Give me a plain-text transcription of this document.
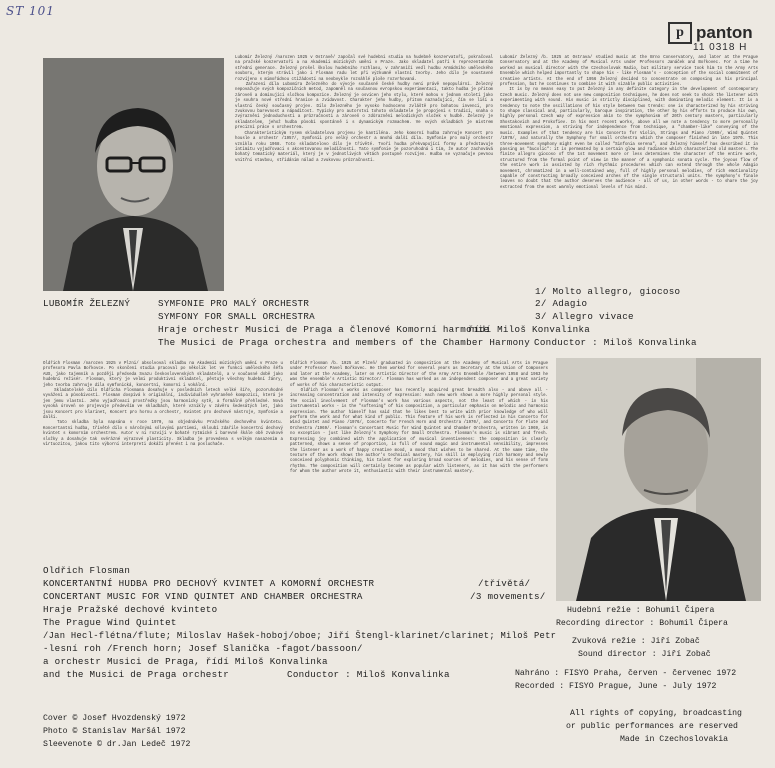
ST 101
p panton
11 0318 H
Lubomír Železný /narozen 1925 v Ostravě/ započal své hudební studia na hudebně konzervatoři, pokračoval na pražské konzervatoři a na Akademii múzických umění v Praze. Jako skladatel patří k reprezentantům střední generace. Železný prošel školou hudebního rozhlasu, v zahraničí vedl hudbu Armádního uměleckého souboru, kterým strávil jako i Flosman radu let při výzkumně vlastní tvorby. Jeho dílo je soustavné rozvíjeno s mimořádnou ctižádostí na neobvykle rozsáhlé ploše rozvrhovaná.
Zařazení díla Lubomíra Železného do vývoje současné české hudby není právě nepopulární. Železný nepovažuje svých kompozičních metod, zapomněl na současnou evropskou experimentaci, takto hudba je přitom zároveň a dominující složkou kompozice. Železný je osvícen jeho stylu, které mohou v jednom století jako je souhra nové střední hranice a zvídavost. Charakter jeho hudby, přitom naznačující, čím se liší a vlastní český současný projev. Dílo Železného je vysoko hodnoceno zvláště pro bohatou invenci, pro zvukovou barevnost a nápaditost. Typicky pro autorství tohoto skladatele je propojení s tradicí, snaha o zvýraznění jednoduchosti a průzračnosti a zároveň o zdůraznění melodických složek v hudbě. Železný je skladatelem, jehož hudba působí spontánně i s dynamickým rozmachem. Ve svých skladbách je mistrem precizní práce s orchestrem.
Charakteristickým rysem skladatelova projevu je kantiléna. Jeho komorní hudba zahrnuje Koncert pro housle a orchestr /1957/, Symfonii pro velký orchestr a mnohá další díla. Symfonie pro malý orchestr vznikla roku 1968. Toto skladatelovo dílo je třívěté. Tvoří hudba překvapující formy a představuje intimitu vyjadřovací s akcentovanou melodičností. Tato symfonie je pozoruhodná i tím, že autor zachovává bohatý tematický materiál, který je v jednotlivých větách postupně rozvíjen. Hudba se vyznačuje pevnou vnitřní stavbou, střídáním nálad a zvukovou průzračností.
Lubomír Železný /b. 1925 at Ostrava/ studied music at the Brno Conservatory, and later at the Prague Conservatory and at the Academy of Musical Arts under Professors Janáček and Bořkovec. For a time he worked as musical director with the Czechoslovak Radio, but military service took him to the Army Arts Ensemble which helped importantly to shape his - like Flosman's - conception of the social commitment of creative artists. At the end of 1956 Železný decided to concentrate on composing as his principal profession, but he continues to combine it with sizable public activities.
It is by no means easy to put Železný in any definite category in the development of contemporary Czech music. Železný does not use new composition techniques, he does not seek to shock the listener with experimenting with sound. His music is strictly disciplined, with dominating melodic element. It is a tendency to note the oscillations of his style between two trends: one is characterized by his striving to shape classical and, particularly, baroque inspiration, the other by his efforts to produce his own, highly personal Czech way of expression akin to the symphonism of 20th century masters, particularly Shostakovich and Prokofiev. In his most recent works, above all we note a tendency to more personally emotional expression, a striving for independence from technique, a "chamber-like" conveying of the music. Examples of that tendency are his Concerto for Violin, Strings and Piano /1969/, Wind Quintet /1970/, and naturally the Symphony for small orchestra which the composer finished in late 1970. This three-movement symphony might even be called "Sinfonia serena", and Železný himself has described it in passing as "bucolic": it is permeated by a certain glow and radiance which characterized old masters. The finite allegro giocoso of the 1st movement more or less determines the character of the entire work, structured from the formal point of view in the manner of a symphonic sonata cycle. The joyous flow of the entire work is assisted by rich rhythmic procedures which can extend through the whole Adagio movement, chromatized in a well-contained way, full of highly personal melodies, of rich emotionality capable of constructing broadly conceived arches of the single structural units. The symphony's finale leaves no doubt that the author deserves the audience - all of us, in other words - to share the joy extracted from the most warmly emotional levels of his mind.
LUBOMÍR ŽELEZNÝ	SYMFONIE PRO MALÝ ORCHESTR
SYMFONY FOR SMALL ORCHESTRA
Hraje orchestr Musici de Praga a členové Komorní harmonie
řídí Miloš Konvalinka
The Musici de Praga orchestra and members of the Chamber Harmony Conductor : Miloš Konvalinka
1/ Molto allegro, giocoso
2/ Adagio
3/ Allegro vivace
Oldřich Flosman /narozen 1925 v Plzni/ absolvoval skladbu na Akademii múzických umění v Praze u profesora Pavla Bořkovce. Po skončení studia pracoval po několik let ve funkci uměleckého šéfa AUS, jako tajemník a později předseda Svazu československých skladatelů, a v současné době jako hudební režisér. Flosman, který je velmi produktivní skladatel, pěstuje všechny hudební žánry, jeho tvorba zahrnuje díla symfonická, koncertní, komorní i vokální.
Skladatelské dílo Oldřicha Flosmana dosahuje v posledních letech velké šíře, pozoruhodné vyvážení a působivosti. Flosman dospívá k originální, individuálně vyhraněné kompozici, která je jen jemu vlastní. Jeho vyjadřovací prostředky jsou harmonicky sytě, a formálně přehledné. Nová vysoká úroveň se projevuje především ve skladbách, které vznikly v závěru šedesátých let, jako jsou Koncert pro klarinet, Koncert pro hornu a orchestr, Kvintet pro dechové nástroje, Symfonie a další.
Tato skladba byla napsána v roce 1970, na objednávku Pražského dechového kvintetu. Koncertantní hudba, třívěté dílo s náročnými sólovými partiemi, skloubí zdařile koncertní dechový kvintet s komorním orchestrem. Autor v ní rozvíjí v bohaté rytmické i barevné škále obě zvukové složky a dosahuje tak svérázné výrazové plasticity. Skladba je provedena s velkým nasazením a virtuozitou, jakou tito výborní interpreti dokáží přenést i na posluchače.
Oldřich Flosman /b. 1925 at Plzeň/ graduated in composition at the Academy of Musical Arts in Prague under Professor Pavel Bořkovec. He then worked for several years as Secretary at the Union of Composers and later at the Academy, later on Artistic Director of the Army Arts Ensemble /between 1958 and 1963 he was the ensemble's Artistic Director/. Flosman has worked as an independent composer and a great variety of works of his characteristic output.
Oldřich Flosman's works as composer has recently acquired great breadth also - and above all - increasing concentration and intensity of expression: each new work shows a more highly personal style. The social involvement of Flosman's work has various aspects, not the least of which - in his instrumental works - is the "softening" of his composition, a particular emphasis on melodic and harmonic expression. The author himself has said that he likes best to write with prior knowledge of who will perform the work and for what kind of public. This feature of his work is reflected in his Concerto for Wind Quintet and Piano /1976/, Concerto for French Horn and Orchestra /1970/, and Concerto for Flute and Orchestra /1969/. Flosman's Concertant Music for Wind Quintet and Chamber Orchestra, written in 1969, is no exception - just like Železný's Symphony for Small Orchestra. Flosman's music is vibrant and fresh. Expressing joy combined with the application of musical inventiveness: the composition is clearly patterned, shows a sense of proportion, is full of sound magic and instrumental sensibility, impresses the listener as a work of happy creative mood, a mood that wishes to be shared. At the same time, the texture of the work shows the author's technical mastery, his skill in employing rich harmony and newly conceived polyphonic thinking, his talent for exploring broad sources of melodies, and his sense of form rhythm. The composition will certainly become as popular with listeners, as it has with the performers for whom the author wrote it, enthusiastic with their instrumental mastery.
Oldřich Flosman
KONCERTANTNÍ HUDBA PRO DECHOVÝ KVINTET A KOMORNÍ ORCHESTR	/třívětá/
CONCERTANT MUSIC FOR VIND QUINTET AND CHAMBER ORCHESTRA	/3 movements/
Hraje Pražské dechové kvinteto
The Prague Wind Quintet
/Jan Hecl-flétna/flute; Miloslav Hašek-hoboj/oboe; Jiří Štengl-klarinet/clarinet; Miloš Petr
-lesní roh /French horn; Josef Slanička -fagot/bassoon/
a orchestr Musici de Praga, řídí Miloš Konvalinka
and the Musici de Praga orchestr	Conductor : Miloš Konvalinka
Hudební režie : Bohumil Čipera
Recording director : Bohumil Čipera
Zvuková režie : Jiří Zobač
Sound director : Jiří Zobač
Nahráno : FISYO Praha, červen - červenec 1972
Recorded : FISYO Prague, June - July 1972
Cover © Josef Hvozdenský 1972
Photo © Stanislav Maršál 1972
Sleevenote © dr.Jan Ledeč 1972
All rights of copying, broadcasting
or public performances are reserved
Made in Czechoslovakia
